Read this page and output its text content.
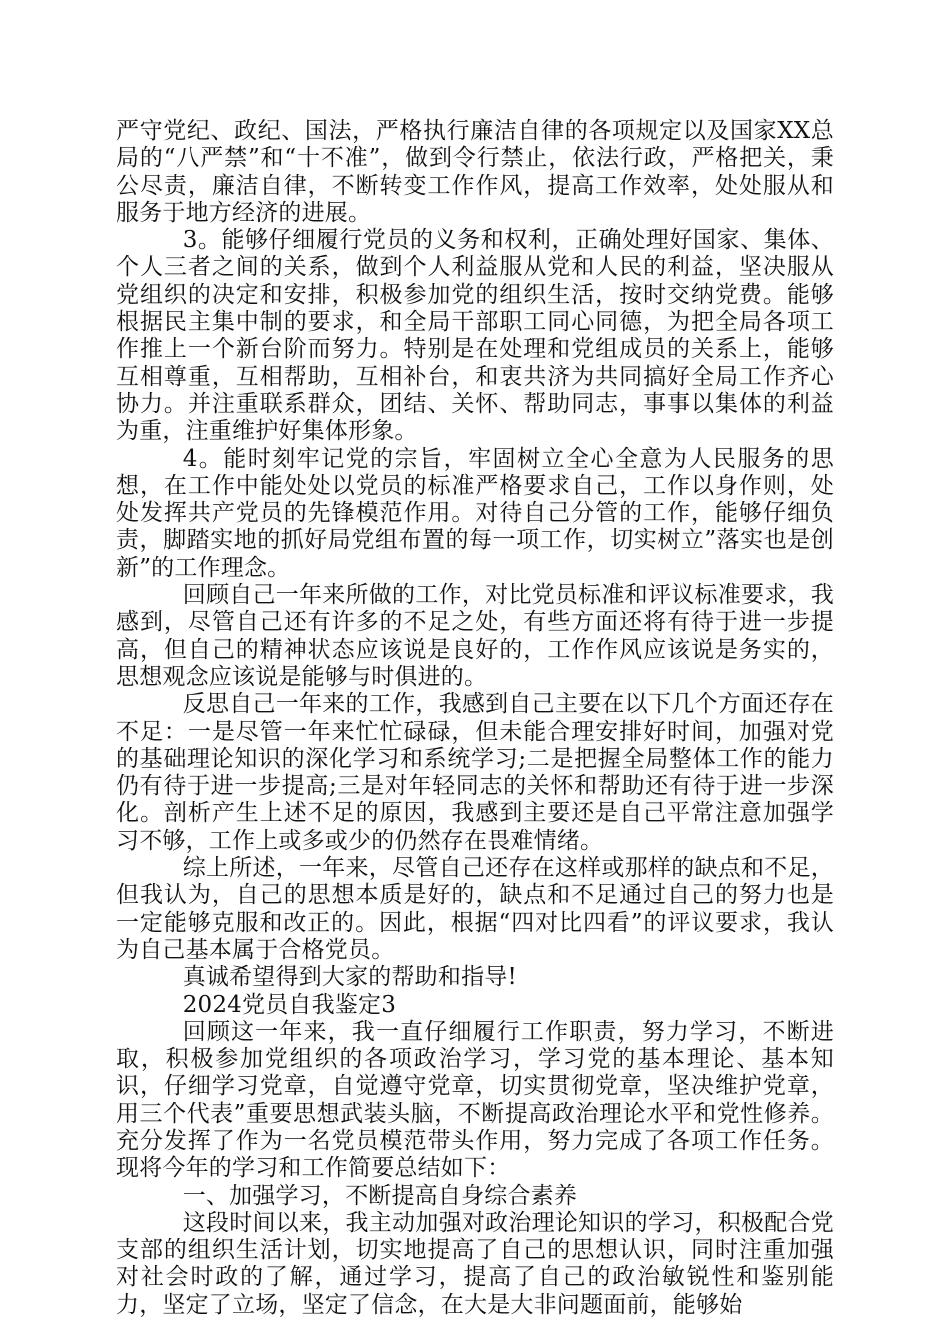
严守党纪、政纪、国法，严格执行廉洁自律的各项规定以及国家XX总局的“八严禁”和“十不准”，做到令行禁止，依法行政，严格把关，秉公尽责，廉洁自律，不断转变工作作风，提高工作效率，处处服从和服务于地方经济的进展。

3。能够仔细履行党员的义务和权利，正确处理好国家、集体、个人三者之间的关系，做到个人利益服从党和人民的利益，坚决服从党组织的决定和安排，积极参加党的组织生活，按时交纳党费。能够根据民主集中制的要求，和全局干部职工同心同德，为把全局各项工作推上一个新台阶而努力。特别是在处理和党组成员的关系上，能够互相尊重，互相帮助，互相补台，和衷共济为共同搞好全局工作齐心协力。并注重联系群众，团结、关怀、帮助同志，事事以集体的利益为重，注重维护好集体形象。

4。能时刻牢记党的宗旨，牢固树立全心全意为人民服务的思想，在工作中能处处以党员的标准严格要求自己，工作以身作则，处处发挥共产党员的先锋模范作用。对待自己分管的工作，能够仔细负责，脚踏实地的抓好局党组布置的每一项工作，切实树立”落实也是创新”的工作理念。

回顾自己一年来所做的工作，对比党员标准和评议标准要求，我感到，尽管自己还有许多的不足之处，有些方面还将有待于进一步提高，但自己的精神状态应该说是良好的，工作作风应该说是务实的，思想观念应该说是能够与时俱进的。

反思自己一年来的工作，我感到自己主要在以下几个方面还存在不足：一是尽管一年来忙忙碌碌，但未能合理安排好时间，加强对党的基础理论知识的深化学习和系统学习;二是把握全局整体工作的能力仍有待于进一步提高;三是对年轻同志的关怀和帮助还有待于进一步深化。剖析产生上述不足的原因，我感到主要还是自己平常注意加强学习不够，工作上或多或少的仍然存在畏难情绪。

综上所述，一年来，尽管自己还存在这样或那样的缺点和不足，但我认为，自己的思想本质是好的，缺点和不足通过自己的努力也是一定能够克服和改正的。因此，根据“四对比四看”的评议要求，我认为自己基本属于合格党员。

真诚希望得到大家的帮助和指导!

2024党员自我鉴定3

回顾这一年来，我一直仔细履行工作职责，努力学习，不断进取，积极参加党组织的各项政治学习，学习党的基本理论、基本知识，仔细学习党章，自觉遵守党章，切实贯彻党章，坚决维护党章，用三个代表”重要思想武装头脑，不断提高政治理论水平和党性修养。充分发挥了作为一名党员模范带头作用，努力完成了各项工作任务。现将今年的学习和工作简要总结如下：

一、加强学习，不断提高自身综合素养

这段时间以来，我主动加强对政治理论知识的学习，积极配合党支部的组织生活计划，切实地提高了自己的思想认识，同时注重加强对社会时政的了解，通过学习，提高了自己的政治敏锐性和鉴别能力，坚定了立场，坚定了信念，在大是大非问题面前，能够始
